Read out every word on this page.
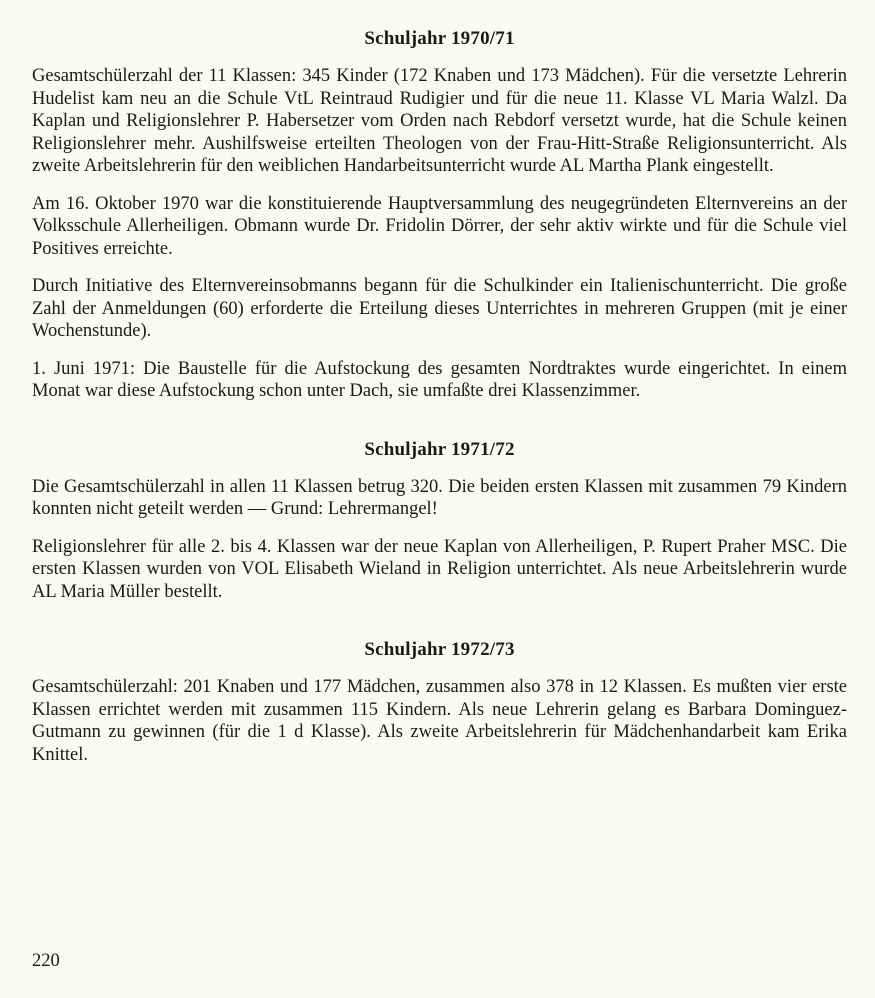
Schuljahr 1970/71

Gesamtschülerzahl der 11 Klassen: 345 Kinder (172 Knaben und 173 Mädchen). Für die versetzte Lehrerin Hudelist kam neu an die Schule VtL Reintraud Rudigier und für die neue 11. Klasse VL Maria Walzl. Da Kaplan und Religionslehrer P. Habersetzer vom Orden nach Rebdorf versetzt wurde, hat die Schule keinen Religionslehrer mehr. Aushilfsweise erteilten Theologen von der Frau-Hitt-Straße Religionsunterricht. Als zweite Arbeitslehrerin für den weiblichen Handarbeitsunterricht wurde AL Martha Plank eingestellt.

Am 16. Oktober 1970 war die konstituierende Hauptversammlung des neugegründeten Elternvereins an der Volksschule Allerheiligen. Obmann wurde Dr. Fridolin Dörrer, der sehr aktiv wirkte und für die Schule viel Positives erreichte.

Durch Initiative des Elternvereinsobmanns begann für die Schulkinder ein Italienischunterricht. Die große Zahl der Anmeldungen (60) erforderte die Erteilung dieses Unterrichtes in mehreren Gruppen (mit je einer Wochenstunde).

1. Juni 1971: Die Baustelle für die Aufstockung des gesamten Nordtraktes wurde eingerichtet. In einem Monat war diese Aufstockung schon unter Dach, sie umfaßte drei Klassenzimmer.

Schuljahr 1971/72

Die Gesamtschülerzahl in allen 11 Klassen betrug 320. Die beiden ersten Klassen mit zusammen 79 Kindern konnten nicht geteilt werden — Grund: Lehrermangel!

Religionslehrer für alle 2. bis 4. Klassen war der neue Kaplan von Allerheiligen, P. Rupert Praher MSC. Die ersten Klassen wurden von VOL Elisabeth Wieland in Religion unterrichtet. Als neue Arbeitslehrerin wurde AL Maria Müller bestellt.

Schuljahr 1972/73

Gesamtschülerzahl: 201 Knaben und 177 Mädchen, zusammen also 378 in 12 Klassen. Es mußten vier erste Klassen errichtet werden mit zusammen 115 Kindern. Als neue Lehrerin gelang es Barbara Dominguez-Gutmann zu gewinnen (für die 1 d Klasse). Als zweite Arbeitslehrerin für Mädchenhandarbeit kam Erika Knittel.

220
